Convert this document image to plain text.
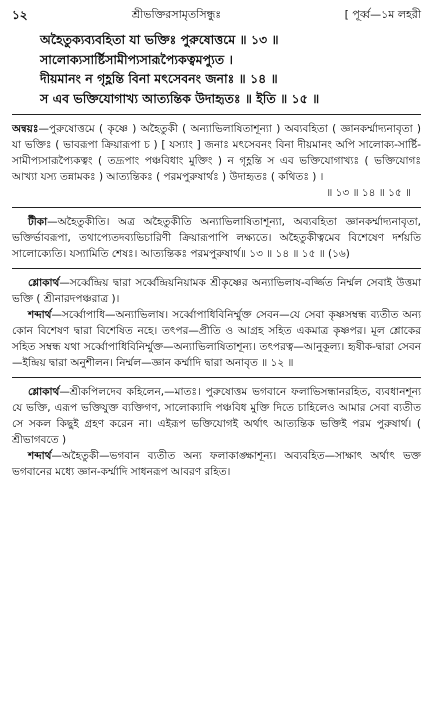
১২	শ্রীভক্তিরসামৃতসিন্ধুঃ	[ পূর্ব্ব—১ম লহরী
অহৈতুক্যব্যবহিতা যা ভক্তিঃ পুরুষোত্তমে ॥ ১৩ ॥
সালোক্যসার্ষ্টিসামীপ্যসারূপ্যৈকত্বমপ্যুত ।
দীয়মানং ন গৃহ্ণন্তি বিনা মৎসেবনং জনাঃ ॥ ১৪ ॥
স এব ভক্তিযোগাখ্য আত্যন্তিক উদাহৃতঃ ॥ ইতি ॥ ১৫ ॥
অন্বয়ঃ—পুরুষোত্তমে ( কৃষ্ণে ) অহৈতুকী ( অন্যাভিলাষিতাশূন্যা ) অব্যবহিতা ( জ্ঞানকর্ম্মাদ্যনাবৃতা ) যা ভক্তিঃ ( ভাবরূপা ক্রিয়ারূপা চ ) [ যস্যাং ] জনাঃ মৎসেবনং বিনা দীয়মানং অপি সালোক্য-সার্ষ্টি-সামীপ্যসারূপ্যৈকত্বং ( তদ্রূপাং পঞ্চবিধাং মুক্তিং ) ন গৃহ্ণন্তি স এব ভক্তিযোগাখ্যঃ ( ভক্তিযোগঃ আখ্যা যস্য তন্নামকঃ ) আত্যন্তিকঃ ( পরমপুরুষার্থঃ ) উদাহৃতঃ ( কথিতঃ ) ।
॥ ১৩ ॥ ১৪ ॥ ১৫ ॥
টীকা—অহৈতুকীতি। অত্র অহৈতুকীতি অন্যাভিলাষিতাশূন্যা, অব্যবহিতা জ্ঞানকর্ম্মাদ্যনাবৃতা, ভক্তির্ভাবরূপা, তথাপ্যেতদব্যভিচারিণী ক্রিয়ারূপাপি লক্ষ্যতে। অহৈতুকীত্বমেব বিশেষেণ দর্শয়তি সালোক্যেতি। যস্যামিতি শেষঃ। আত্যন্তিকঃ পরমপুরুষার্থ॥ ১৩ ॥ ১৪ ॥ ১৫ ॥ (১৬)
শ্লোকার্থ—সর্ব্বেন্দ্রিয় দ্বারা সর্ব্বেন্দ্রিয়নিয়ামক শ্রীকৃষ্ণের অন্যাভিলাষ-বর্জ্জিত নির্ম্মল সেবাই উত্তমা ভক্তি ( শ্রীনারদপঞ্চরাত্র )।
শব্দার্থ—সর্ব্বোপাধি—অন্যাভিলাষ। সর্ব্বোপাধিবিনির্ম্মুক্ত সেবন—যে সেবা কৃষ্ণসম্বন্ধ ব্যতীত অন্য কোন বিশেষণ দ্বারা বিশেষিত নহে। তৎপর—প্রীতি ও আগ্রহ সহিত একমাত্র কৃষ্ণপর। মূল শ্লোকের সহিত সম্বন্ধ যথা সর্ব্বোপাধিবিনির্ম্মুক্ত—অন্যাভিলাষিতাশূন্য। তৎপরত্ব—আনুকূল্য। হৃষীক-দ্বারা সেবন—ইন্দ্রিয় দ্বারা অনুশীলন। নির্ম্মল—জ্ঞান কর্ম্মাদি দ্বারা অনাবৃত ॥ ১২ ॥
শ্লোকার্থ—শ্রীকপিলদেব কহিলেন,—মাতঃ। পুরুষোত্তম ভগবানে ফলাভিসন্ধানরহিত, ব্যবধানশূন্য যে ভক্তি, এরূপ ভক্তিযুক্ত ব্যক্তিগণ, সালোক্যাদি পঞ্চবিধ মুক্তি দিতে চাহিলেও আমার সেবা ব্যতীত সে সকল কিছুই গ্রহণ করেন না। এইরূপ ভক্তিযোগই অর্থাৎ আত্যন্তিক ভক্তিই পরম পুরুষার্থ। ( শ্রীভাগবতে )
শব্দার্থ—অহৈতুকী—ভগবান ব্যতীত অন্য ফলাকাঙ্ক্ষাশূন্য। অব্যবহিত—সাক্ষাৎ অর্থাৎ ভক্ত ভগবানের মধ্যে জ্ঞান-কর্ম্মাদি সাধনরূপ আবরণ রহিত।
